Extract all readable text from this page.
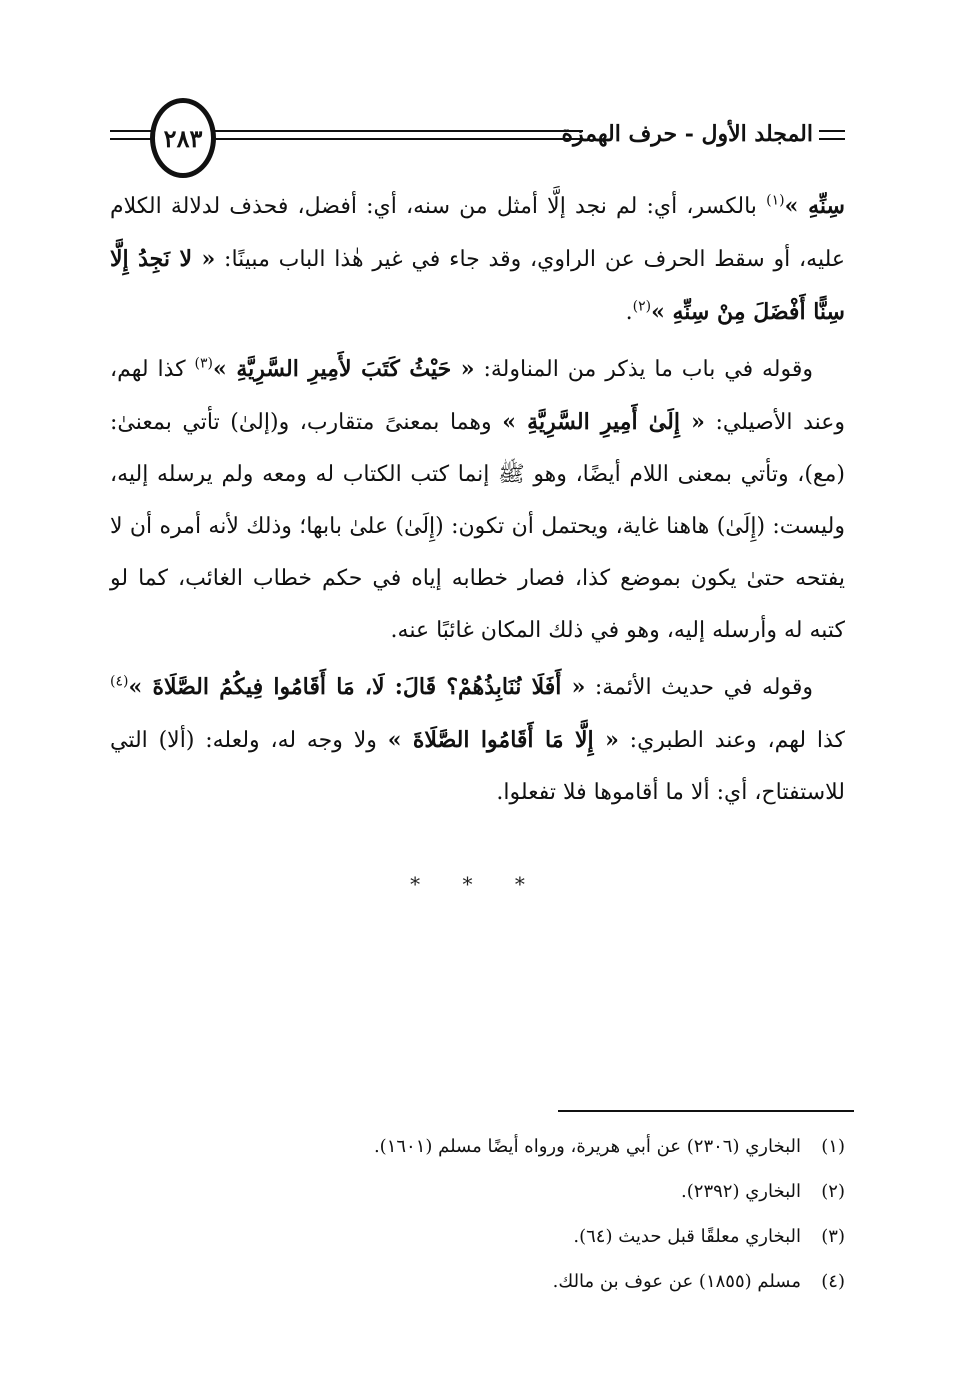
المجلد الأول - حرف الهمزة
٢٨٣

سِنِّهِ »$^{(١)}$ بالكسر، أي: لم نجد إلَّا أمثل من سنه، أي: أفضل، فحذف لدلالة الكلام عليه، أو سقط الحرف عن الراوي، وقد جاء في غير هٰذا الباب مبينًا: « لا نَجِدُ إِلَّا سِنًّا أَفْضَلَ مِنْ سِنِّهِ »$^{(٢)}$.

وقوله في باب ما يذكر من المناولة: « حَيْثُ كَتَبَ لأَمِيرِ السَّرِيَّةِ »$^{(٣)}$ كذا لهم، وعند الأصيلي: « إِلَىٰ أَمِيرِ السَّرِيَّةِ » وهما بمعنىً متقارب، و(إلىٰ) تأتي بمعنىٰ: (مع)، وتأتي بمعنى اللام أيضًا، وهو ﷺ إنما كتب الكتاب له ومعه ولم يرسله إليه، وليست: (إِلَىٰ) هاهنا غاية، ويحتمل أن تكون: (إِلَىٰ) علىٰ بابها؛ وذلك لأنه أمره أن لا يفتحه حتىٰ يكون بموضع كذا، فصار خطابه إياه في حكم خطاب الغائب، كما لو كتبه له وأرسله إليه، وهو في ذلك المكان غائبًا عنه.

وقوله في حديث الأئمة: « أَفَلَا نُنَابِذُهُمْ؟ قَالَ: لَا، مَا أَقَامُوا فِيكُمُ الصَّلَاةَ »$^{(٤)}$ كذا لهم، وعند الطبري: « إِلَّا مَا أَقَامُوا الصَّلَاةَ » ولا وجه له، ولعله: (ألا) التي للاستفتاح، أي: ألا ما أقاموها فلا تفعلوا.

* * *
(١)البخاري (٢٣٠٦) عن أبي هريرة، ورواه أيضًا مسلم (١٦٠١).
(٢)البخاري (٢٣٩٢).
(٣)البخاري معلقًا قبل حديث (٦٤).
(٤)مسلم (١٨٥٥) عن عوف بن مالك.
